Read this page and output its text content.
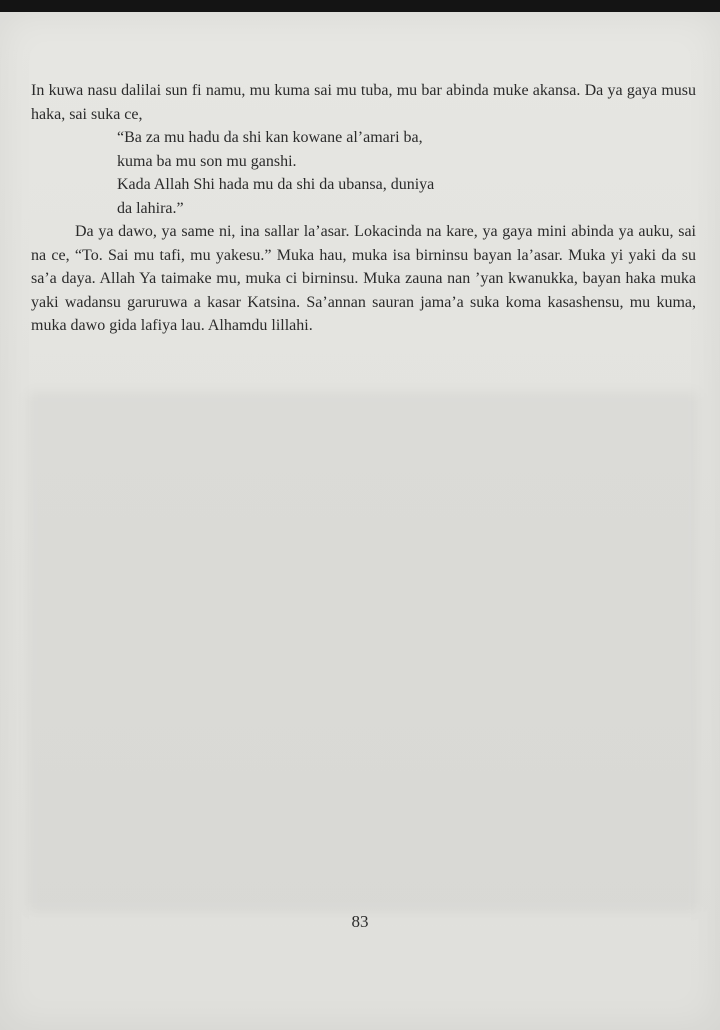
In kuwa nasu dalilai sun fi namu, mu kuma sai mu tuba, mu bar abinda muke akansa. Da ya gaya musu haka, sai suka ce,

“Ba za mu hadu da shi kan kowane al’amari ba,
kuma ba mu son mu ganshi.
Kada Allah Shi hada mu da shi da ubansa, duniya
da lahira.”

Da ya dawo, ya same ni, ina sallar la’asar. Lokacinda na kare, ya gaya mini abinda ya auku, sai na ce, “To. Sai mu tafi, mu yakesu.” Muka hau, muka isa birninsu bayan la’asar. Muka yi yaki da su sa’a daya. Allah Ya taimake mu, muka ci birninsu. Muka zauna nan ’yan kwanukka, bayan haka muka yaki wadansu garuruwa a kasar Katsina. Sa’annan sauran jama’a suka koma kasashensu, mu kuma, muka dawo gida lafiya lau. Alhamdu lillahi.

83
